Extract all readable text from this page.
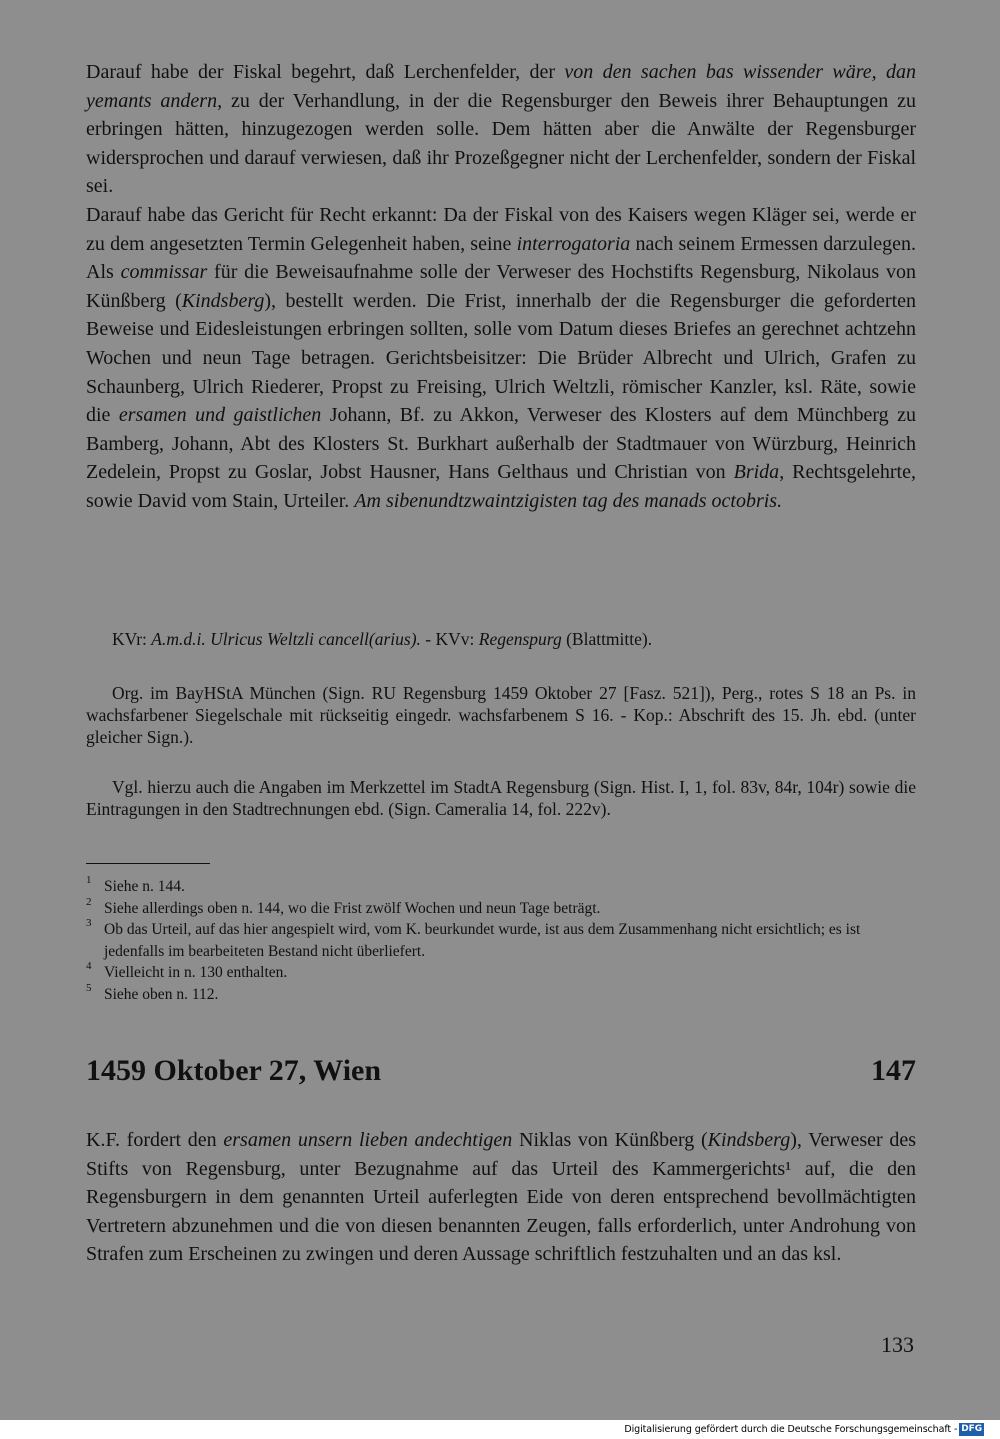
Darauf habe der Fiskal begehrt, daß Lerchenfelder, der von den sachen bas wissender wäre, dan yemants andern, zu der Verhandlung, in der die Regensburger den Beweis ihrer Behauptungen zu erbringen hätten, hinzugezogen werden solle. Dem hätten aber die Anwälte der Regensburger widersprochen und darauf verwiesen, daß ihr Prozeßgegner nicht der Lerchenfelder, sondern der Fiskal sei.

Darauf habe das Gericht für Recht erkannt: Da der Fiskal von des Kaisers wegen Kläger sei, werde er zu dem angesetzten Termin Gelegenheit haben, seine interrogatoria nach seinem Ermessen darzulegen. Als commissar für die Beweisaufnahme solle der Verweser des Hochstifts Regensburg, Nikolaus von Künßberg (Kindsberg), bestellt werden. Die Frist, innerhalb der die Regensburger die geforderten Beweise und Eidesleistungen erbringen sollten, solle vom Datum dieses Briefes an gerechnet achtzehn Wochen und neun Tage betragen. Gerichtsbeisitzer: Die Brüder Albrecht und Ulrich, Grafen zu Schaunberg, Ulrich Riederer, Propst zu Freising, Ulrich Weltzli, römischer Kanzler, ksl. Räte, sowie die ersamen und gaistlichen Johann, Bf. zu Akkon, Verweser des Klosters auf dem Münchberg zu Bamberg, Johann, Abt des Klosters St. Burkhart außerhalb der Stadtmauer von Würzburg, Heinrich Zedelein, Propst zu Goslar, Jobst Hausner, Hans Gelthaus und Christian von Brida, Rechtsgelehrte, sowie David vom Stain, Urteiler. Am sibenundtzwaintzigisten tag des manads octobris.

KVr: A.m.d.i. Ulricus Weltzli cancell(arius). - KVv: Regenspurg (Blattmitte).

Org. im BayHStA München (Sign. RU Regensburg 1459 Oktober 27 [Fasz. 521]), Perg., rotes S 18 an Ps. in wachsfarbener Siegelschale mit rückseitig eingedr. wachsfarbenem S 16. - Kop.: Abschrift des 15. Jh. ebd. (unter gleicher Sign.).

Vgl. hierzu auch die Angaben im Merkzettel im StadtA Regensburg (Sign. Hist. I, 1, fol. 83v, 84r, 104r) sowie die Eintragungen in den Stadtrechnungen ebd. (Sign. Cameralia 14, fol. 222v).

1 Siehe n. 144.
2 Siehe allerdings oben n. 144, wo die Frist zwölf Wochen und neun Tage beträgt.
3 Ob das Urteil, auf das hier angespielt wird, vom K. beurkundet wurde, ist aus dem Zusammenhang nicht ersichtlich; es ist jedenfalls im bearbeiteten Bestand nicht überliefert.
4 Vielleicht in n. 130 enthalten.
5 Siehe oben n. 112.
1459 Oktober 27, Wien	147

K.F. fordert den ersamen unsern lieben andechtigen Niklas von Künßberg (Kindsberg), Verweser des Stifts von Regensburg, unter Bezugnahme auf das Urteil des Kammergerichts¹ auf, die den Regensburgern in dem genannten Urteil auferlegten Eide von deren entsprechend bevollmächtigten Vertretern abzunehmen und die von diesen benannten Zeugen, falls erforderlich, unter Androhung von Strafen zum Erscheinen zu zwingen und deren Aussage schriftlich festzuhalten und an das ksl.

133
Digitalisierung gefördert durch die Deutsche Forschungsgemeinschaft - DFG
